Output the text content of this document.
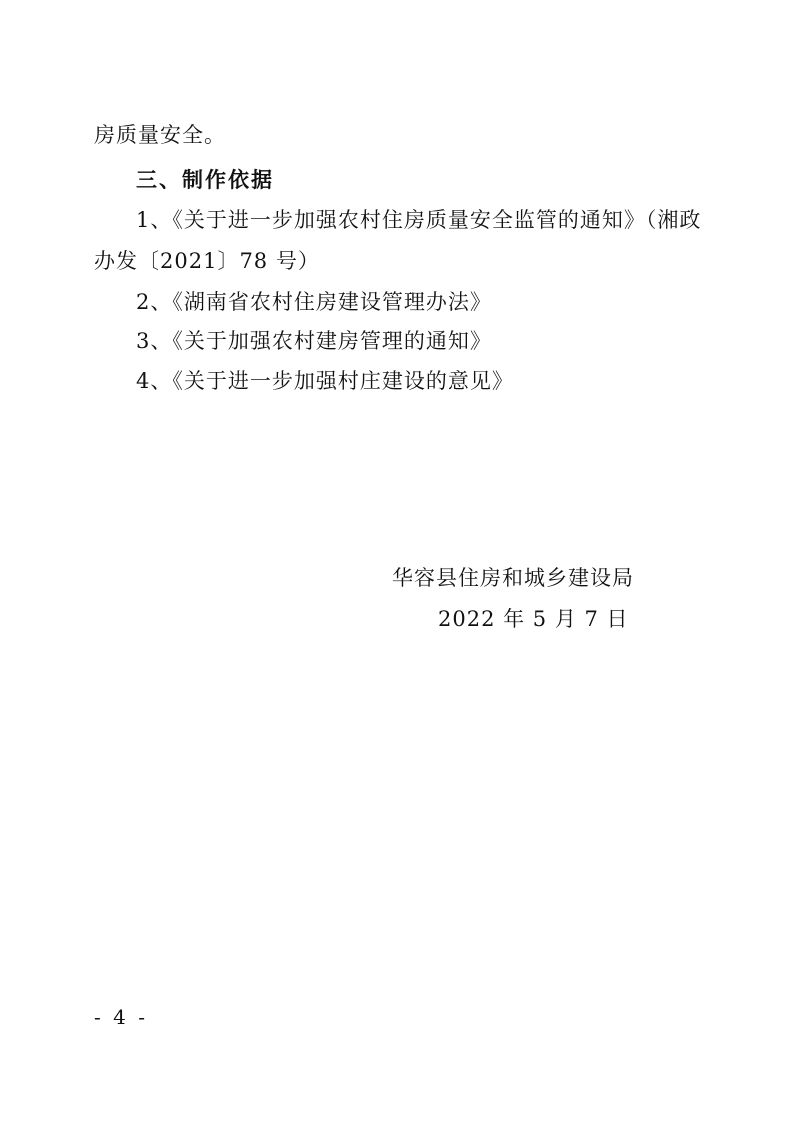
房质量安全。
三、制作依据
1、《关于进一步加强农村住房质量安全监管的通知》（湘政
办发〔2021〕78 号）
2、《湖南省农村住房建设管理办法》
3、《关于加强农村建房管理的通知》
4、《关于进一步加强村庄建设的意见》
华容县住房和城乡建设局
2022 年 5 月 7 日
- 4 -
